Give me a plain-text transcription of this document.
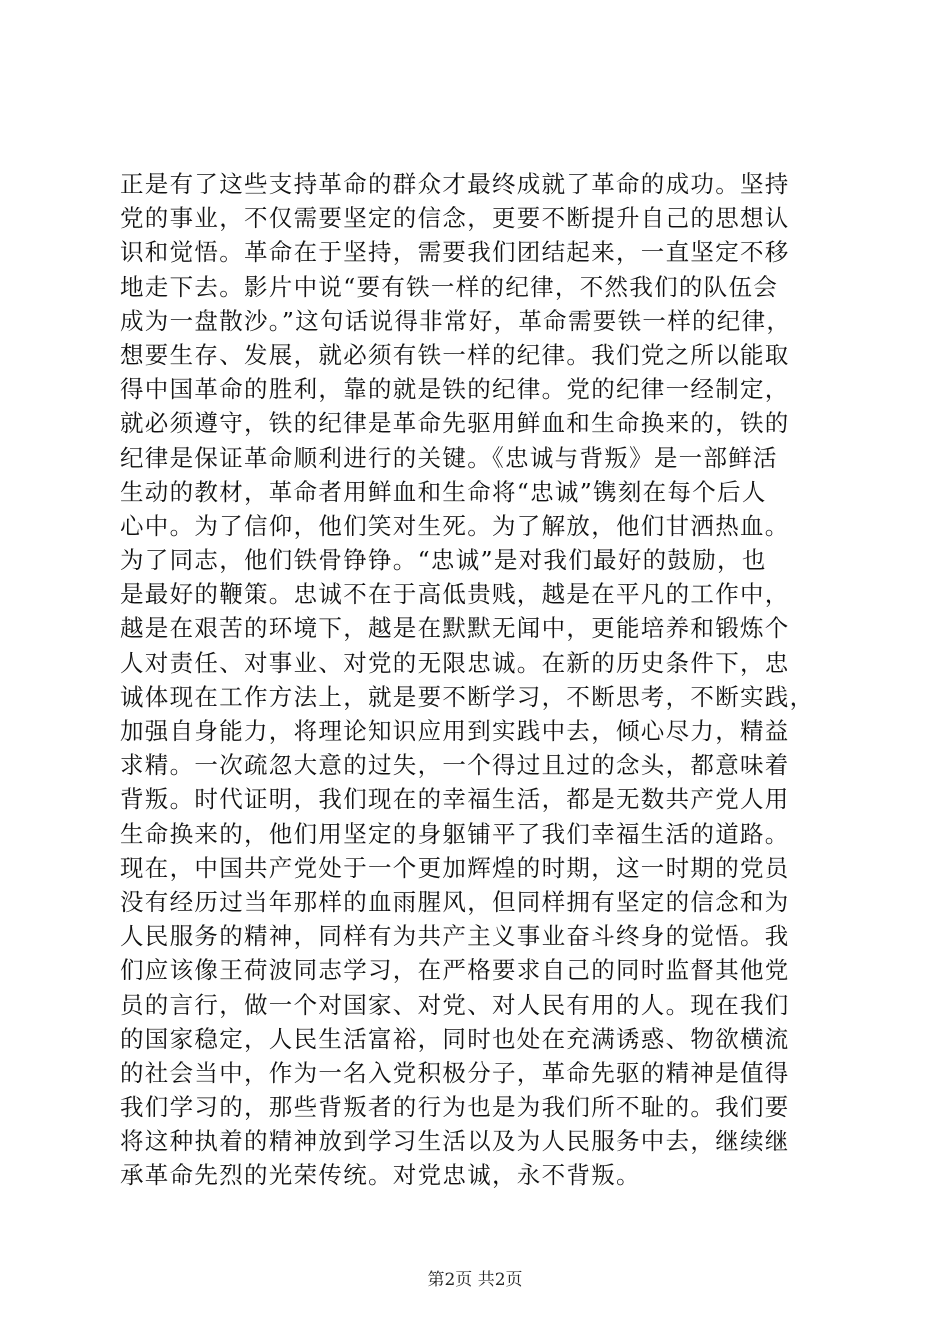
正是有了这些支持革命的群众才最终成就了革命的成功。坚持
党的事业，不仅需要坚定的信念，更要不断提升自己的思想认
识和觉悟。革命在于坚持，需要我们团结起来，一直坚定不移
地走下去。影片中说“要有铁一样的纪律，不然我们的队伍会
成为一盘散沙。”这句话说得非常好，革命需要铁一样的纪律，
想要生存、发展，就必须有铁一样的纪律。我们党之所以能取
得中国革命的胜利，靠的就是铁的纪律。党的纪律一经制定，
就必须遵守，铁的纪律是革命先驱用鲜血和生命换来的，铁的
纪律是保证革命顺利进行的关键。《忠诚与背叛》是一部鲜活
生动的教材，革命者用鲜血和生命将“忠诚”镌刻在每个后人
心中。为了信仰，他们笑对生死。为了解放，他们甘洒热血。
为了同志，他们铁骨铮铮。“忠诚”是对我们最好的鼓励，也
是最好的鞭策。忠诚不在于高低贵贱，越是在平凡的工作中，
越是在艰苦的环境下，越是在默默无闻中，更能培养和锻炼个
人对责任、对事业、对党的无限忠诚。在新的历史条件下，忠
诚体现在工作方法上，就是要不断学习，不断思考，不断实践，
加强自身能力，将理论知识应用到实践中去，倾心尽力，精益
求精。一次疏忽大意的过失，一个得过且过的念头，都意味着
背叛。时代证明，我们现在的幸福生活，都是无数共产党人用
生命换来的，他们用坚定的身躯铺平了我们幸福生活的道路。
现在，中国共产党处于一个更加辉煌的时期，这一时期的党员
没有经历过当年那样的血雨腥风，但同样拥有坚定的信念和为
人民服务的精神，同样有为共产主义事业奋斗终身的觉悟。我
们应该像王荷波同志学习，在严格要求自己的同时监督其他党
员的言行，做一个对国家、对党、对人民有用的人。现在我们
的国家稳定，人民生活富裕，同时也处在充满诱惑、物欲横流
的社会当中，作为一名入党积极分子，革命先驱的精神是值得
我们学习的，那些背叛者的行为也是为我们所不耻的。我们要
将这种执着的精神放到学习生活以及为人民服务中去，继续继
承革命先烈的光荣传统。对党忠诚，永不背叛。
第2页 共2页
